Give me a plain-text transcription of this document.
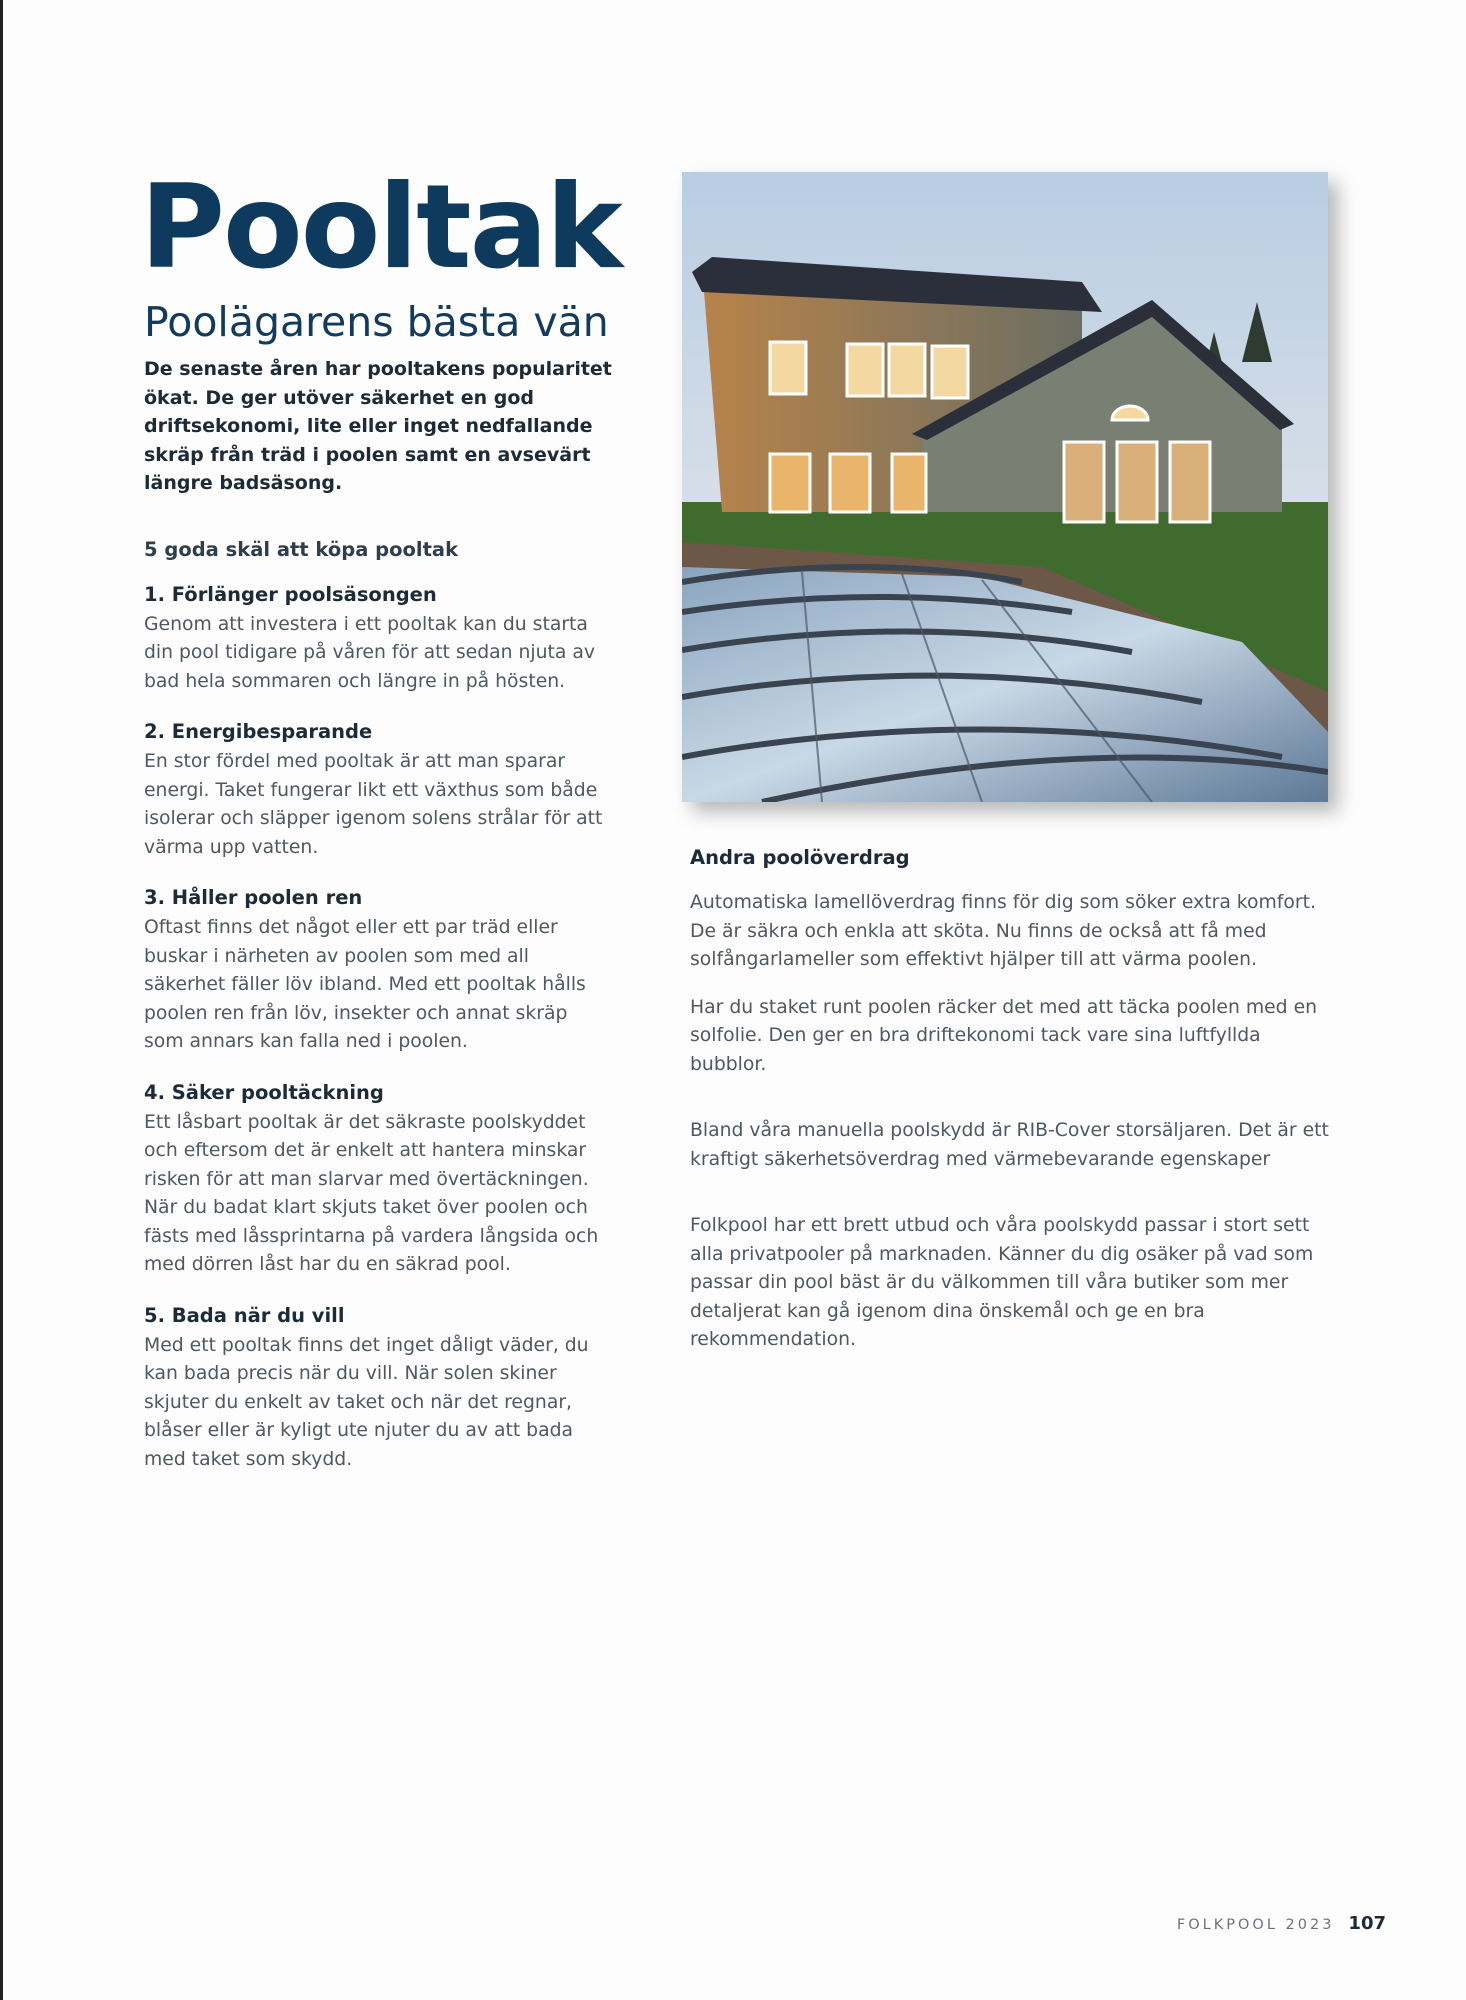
Pooltak
Poolägarens bästa vän

De senaste åren har pooltakens popularitet ökat. De ger utöver säkerhet en god driftsekonomi, lite eller inget nedfallande skräp från träd i poolen samt en avsevärt längre badsäsong.

5 goda skäl att köpa pooltak
1. Förlänger poolsäsongen

Genom att investera i ett pooltak kan du starta din pool tidigare på våren för att sedan njuta av bad hela sommaren och längre in på hösten.

2. Energibesparande

En stor fördel med pooltak är att man sparar energi. Taket fungerar likt ett växthus som både isolerar och släpper igenom solens strålar för att värma upp vatten.

3. Håller poolen ren

Oftast finns det något eller ett par träd eller buskar i närheten av poolen som med all säkerhet fäller löv ibland. Med ett pooltak hålls poolen ren från löv, insekter och annat skräp som annars kan falla ned i poolen.

4. Säker pooltäckning

Ett låsbart pooltak är det säkraste poolskyddet och eftersom det är enkelt att hantera minskar risken för att man slarvar med övertäckningen. När du badat klart skjuts taket över poolen och fästs med låssprintarna på vardera långsida och med dörren låst har du en säkrad pool.

5. Bada när du vill

Med ett pooltak finns det inget dåligt väder, du kan bada precis när du vill. När solen skiner skjuter du enkelt av taket och när det regnar, blåser eller är kyligt ute njuter du av att bada med taket som skydd.

Andra poolöverdrag

Automatiska lamellöverdrag finns för dig som söker extra komfort. De är säkra och enkla att sköta. Nu finns de också att få med solfångarlameller som effektivt hjälper till att värma poolen.

Har du staket runt poolen räcker det med att täcka poolen med en solfolie. Den ger en bra driftekonomi tack vare sina luftfyllda bubblor.

Bland våra manuella poolskydd är RIB-Cover storsäljaren. Det är ett kraftigt säkerhetsöverdrag med värmebevarande egenskaper

Folkpool har ett brett utbud och våra poolskydd passar i stort sett alla privatpooler på marknaden. Känner du dig osäker på vad som passar din pool bäst är du välkommen till våra butiker som mer detaljerat kan gå igenom dina önskemål och ge en bra rekommendation.

FOLKPOOL 2023 107
